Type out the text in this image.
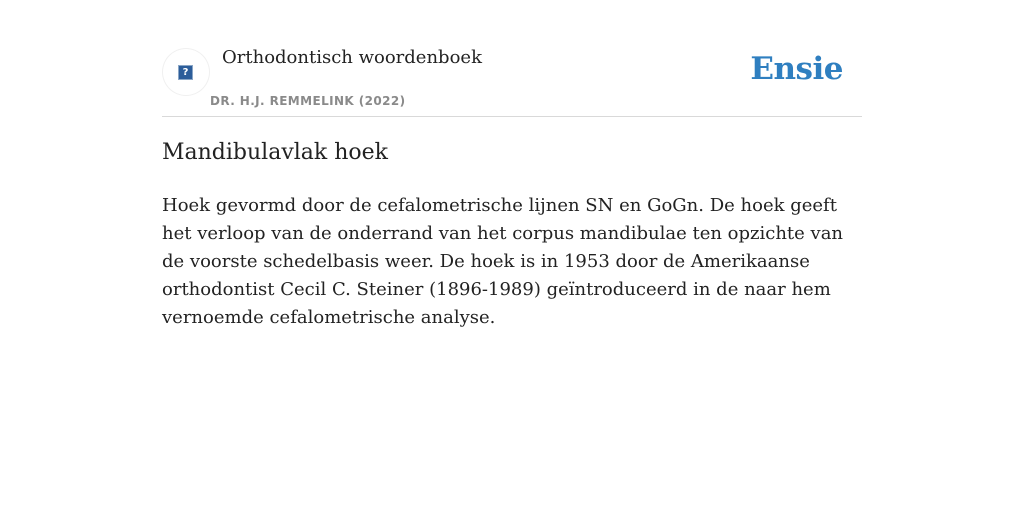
?
Orthodontisch woordenboek
DR. H.J. REMMELINK (2022)
Ensie
Mandibulavlak hoek

Hoek gevormd door de cefalometrische lijnen SN en GoGn. De hoek geeft het verloop van de onderrand van het corpus mandibulae ten opzichte van de voorste schedelbasis weer. De hoek is in 1953 door de Amerikaanse orthodontist Cecil C. Steiner (1896-1989) geïntroduceerd in de naar hem vernoemde cefalometrische analyse.
